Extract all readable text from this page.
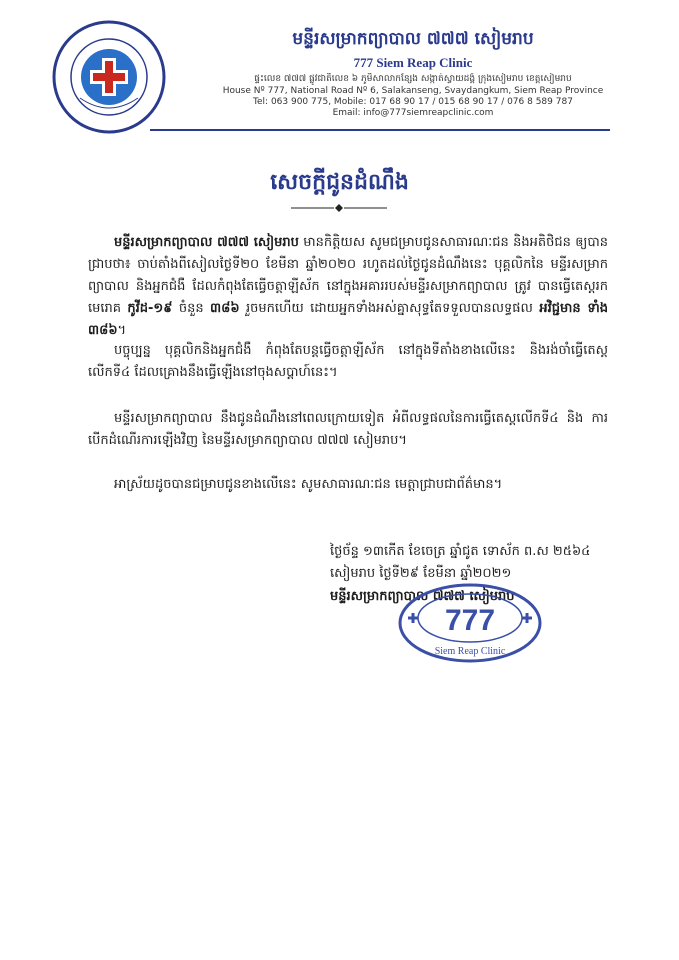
មន្ទីរសម្រាកព្យាបាល ៧៧៧ សៀមរាប
777 Siem Reap Clinic
ផ្ទះលេខ ៧៧៧ ផ្លូវជាតិលេខ ៦ ភូមិសាលាកន្សែង សង្កាត់ស្វាយដង្គំ ក្រុងសៀមរាប ខេត្តសៀមរាប
House Nº 777, National Road Nº 6, Salakanseng, Svaydangkum, Siem Reap Province
Tel: 063 900 775, Mobile: 017 68 90 17 / 015 68 90 17 / 076 8 589 787
Email: info@777siemreapclinic.com
សេចក្តីជូនដំណឹង
មន្ទីរសម្រាកព្យាបាល ៧៧៧ សៀមរាប មានកិត្តិយស សូមជម្រាបជូនសាធារណៈជន និងអតិថិជន ឲ្យបានជ្រាបថា៖ ចាប់តាំងពីសៀលថ្ងៃទី២០ ខែមីនា ឆ្នាំ២០២០ រហូតដល់ថ្ងៃជូនដំណឹងនេះ បុគ្គលិកនៃ មន្ទីរសម្រាកព្យាបាល និងអ្នកជំងឺ ដែលកំពុងតែធ្វើចត្តាឡីស័ក នៅក្នុងអគាររបស់មន្ទីរសម្រាកព្យាបាល ត្រូវ បានធ្វើតេស្តរកមេរោគ កូវីដ-១៩ ចំនួន ៣៨៦ រួចមកហើយ ដោយអ្នកទាំងអស់គ្នាសុទ្ធតែទទួលបានលទ្ធផល អវិជ្ជមាន ទាំង ៣៨៦។
បច្ចុប្បន្ន បុគ្គលិកនិងអ្នកជំងឺ កំពុងតែបន្តធ្វើចត្តាឡីស័ក នៅក្នុងទីតាំងខាងលើនេះ និងរង់ចាំធ្វើតេស្ត លើកទី៤ ដែលគ្រោងនឹងធ្វើឡើងនៅចុងសប្តាហ៍នេះ។
មន្ទីរសម្រាកព្យាបាល នឹងជូនដំណឹងនៅពេលក្រោយទៀត អំពីលទ្ធផលនៃការធ្វើតេស្តលើកទី៤ និង ការបើកដំណើរការឡើងវិញ នៃមន្ទីរសម្រាកព្យាបាល ៧៧៧ សៀមរាប។
អាស្រ័យដូចបានជម្រាបជូនខាងលើនេះ សូមសាធារណៈជន មេត្តាជ្រាបជាព័ត៌មាន។
ថ្ងៃច័ន្ទ ១៣កើត ខែចេត្រ ឆ្នាំជូត ទោស័ក ព.ស ២៥៦៤
សៀមរាប ថ្ងៃទី២៩ ខែមីនា ឆ្នាំ២០២១
មន្ទីរសម្រាកព្យាបាល ៧៧៧ សៀមរាប
777
Siem Reap Clinic
